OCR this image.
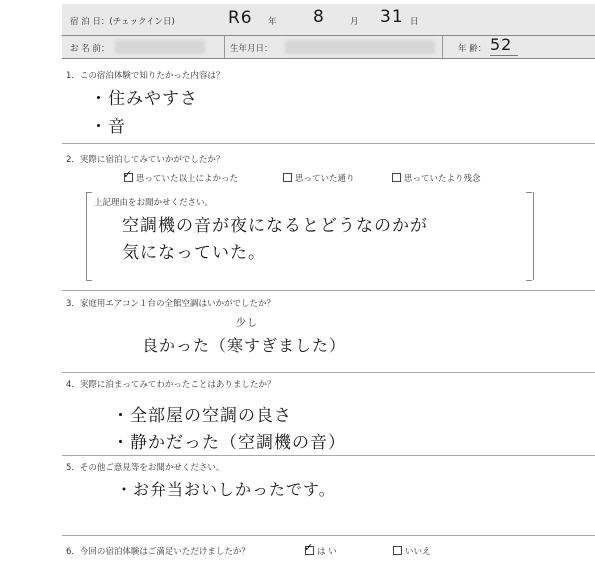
宿 泊 日：(チェックイン日)	R6 年 8	月 31 日
お 名 前：	生年月日：	年 齢： 52
1．この宿泊体験で知りたかった内容は？
・住みやすさ
・音
2．実際に宿泊してみていかがでしたか？
✓ 思っていた以上によかった	思っていた通り	思っていたより残念
上記理由をお聞かせください。
空調機の音が夜になるとどうなのかが
気になっていた。
3．家庭用エアコン１台の全館空調はいかがでしたか？
少し
良かった（寒すぎました）
4．実際に泊まってみてわかったことはありましたか？
・全部屋の空調の良さ
・静かだった（空調機の音）
5．その他ご意見等をお聞かせください。
・お弁当おいしかったです。
6．今回の宿泊体験はご満足いただけましたか？	✓ は い	いいえ
